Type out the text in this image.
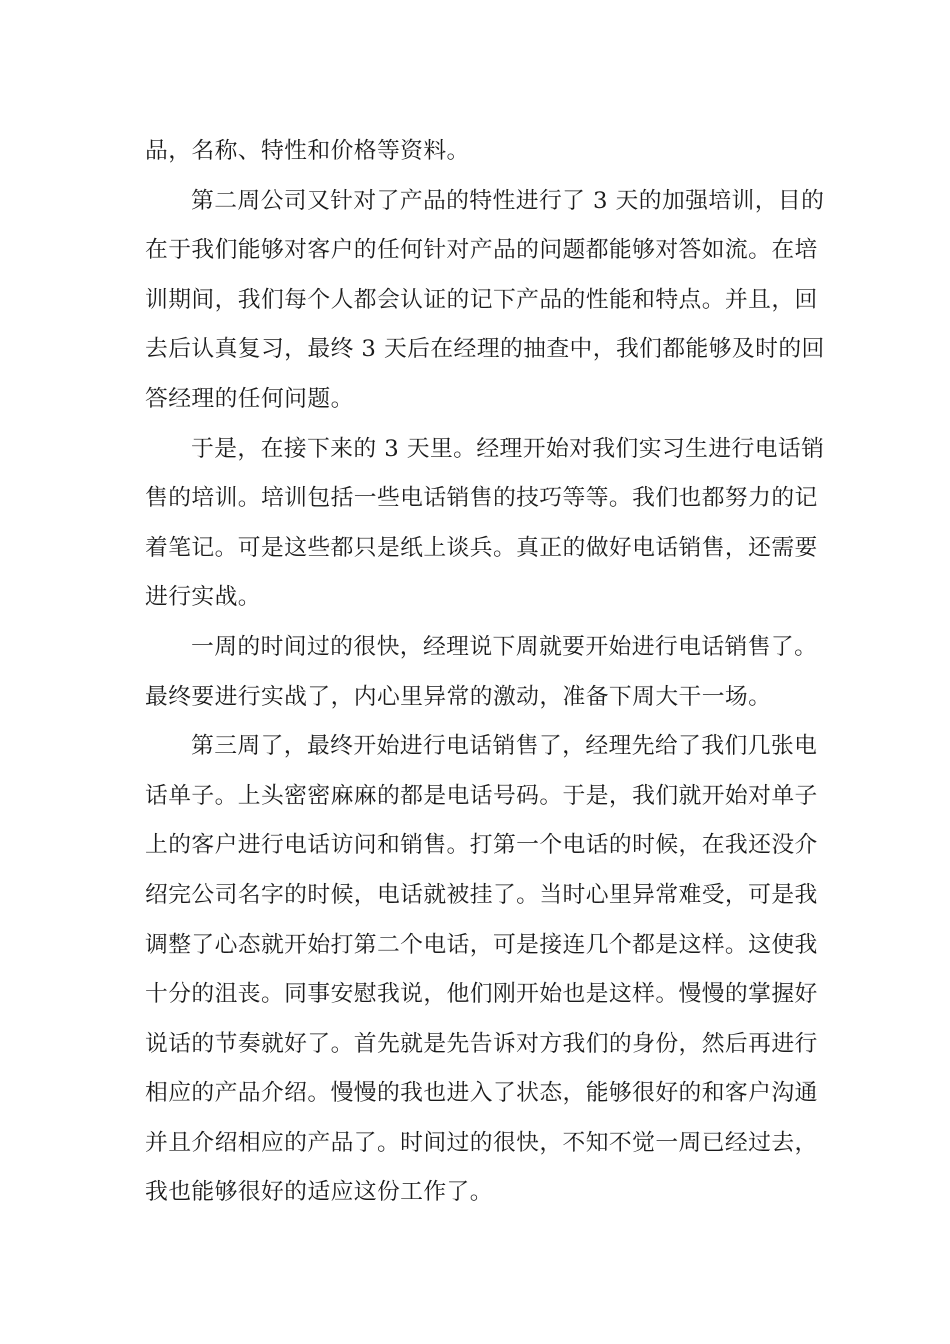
品，名称、特性和价格等资料。
第二周公司又针对了产品的特性进行了 3 天的加强培训，目的
在于我们能够对客户的任何针对产品的问题都能够对答如流。在培
训期间，我们每个人都会认证的记下产品的性能和特点。并且，回
去后认真复习，最终 3 天后在经理的抽查中，我们都能够及时的回
答经理的任何问题。
于是，在接下来的 3 天里。经理开始对我们实习生进行电话销
售的培训。培训包括一些电话销售的技巧等等。我们也都努力的记
着笔记。可是这些都只是纸上谈兵。真正的做好电话销售，还需要
进行实战。
一周的时间过的很快，经理说下周就要开始进行电话销售了。
最终要进行实战了，内心里异常的激动，准备下周大干一场。
第三周了，最终开始进行电话销售了，经理先给了我们几张电
话单子。上头密密麻麻的都是电话号码。于是，我们就开始对单子
上的客户进行电话访问和销售。打第一个电话的时候，在我还没介
绍完公司名字的时候，电话就被挂了。当时心里异常难受，可是我
调整了心态就开始打第二个电话，可是接连几个都是这样。这使我
十分的沮丧。同事安慰我说，他们刚开始也是这样。慢慢的掌握好
说话的节奏就好了。首先就是先告诉对方我们的身份，然后再进行
相应的产品介绍。慢慢的我也进入了状态，能够很好的和客户沟通
并且介绍相应的产品了。时间过的很快，不知不觉一周已经过去，
我也能够很好的适应这份工作了。
